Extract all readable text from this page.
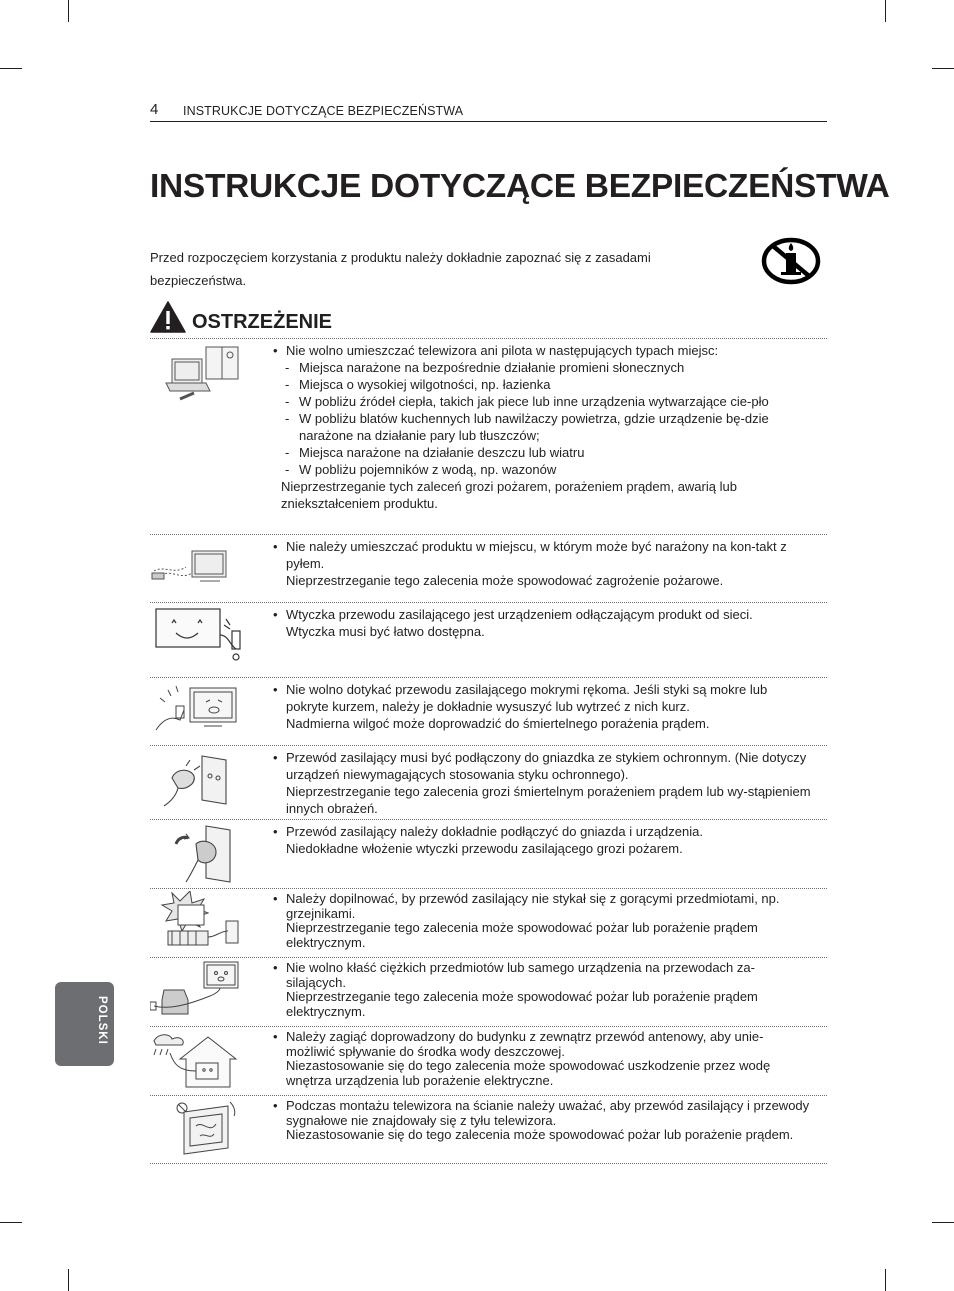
4 INSTRUKCJE DOTYCZĄCE BEZPIECZEŃSTWA
INSTRUKCJE DOTYCZĄCE BEZPIECZEŃSTWA
Przed rozpoczęciem korzystania z produktu należy dokładnie zapoznać się z zasadami bezpieczeństwa.
OSTRZEŻENIE
• Nie wolno umieszczać telewizora ani pilota w następujących typach miejsc:
- Miejsca narażone na bezpośrednie działanie promieni słonecznych
- Miejsca o wysokiej wilgotności, np. łazienka
- W pobliżu źródeł ciepła, takich jak piece lub inne urządzenia wytwarzające cie-pło
- W pobliżu blatów kuchennych lub nawilżaczy powietrza, gdzie urządzenie bę-dzie narażone na działanie pary lub tłuszczów;
- Miejsca narażone na działanie deszczu lub wiatru
- W pobliżu pojemników z wodą, np. wazonów
Nieprzestrzeganie tych zaleceń grozi pożarem, porażeniem prądem, awarią lub zniekształceniem produktu.
• Nie należy umieszczać produktu w miejscu, w którym może być narażony na kon-takt z pyłem.
Nieprzestrzeganie tego zalecenia może spowodować zagrożenie pożarowe.
• Wtyczka przewodu zasilającego jest urządzeniem odłączającym produkt od sieci.
Wtyczka musi być łatwo dostępna.
• Nie wolno dotykać przewodu zasilającego mokrymi rękoma. Jeśli styki są mokre lub pokryte kurzem, należy je dokładnie wysuszyć lub wytrzeć z nich kurz.
Nadmierna wilgoć może doprowadzić do śmiertelnego porażenia prądem.
• Przewód zasilający musi być podłączony do gniazdka ze stykiem ochronnym. (Nie dotyczy urządzeń niewymagających stosowania styku ochronnego).
Nieprzestrzeganie tego zalecenia grozi śmiertelnym porażeniem prądem lub wy-stąpieniem innych obrażeń.
• Przewód zasilający należy dokładnie podłączyć do gniazda i urządzenia.
Niedokładne włożenie wtyczki przewodu zasilającego grozi pożarem.
• Należy dopilnować, by przewód zasilający nie stykał się z gorącymi przedmiotami, np. grzejnikami.
Nieprzestrzeganie tego zalecenia może spowodować pożar lub porażenie prądem elektrycznym.
• Nie wolno kłaść ciężkich przedmiotów lub samego urządzenia na przewodach za-silających.
Nieprzestrzeganie tego zalecenia może spowodować pożar lub porażenie prądem elektrycznym.
• Należy zagiąć doprowadzony do budynku z zewnątrz przewód antenowy, aby unie-możliwić spływanie do środka wody deszczowej.
Niezastosowanie się do tego zalecenia może spowodować uszkodzenie przez wodę wnętrza urządzenia lub porażenie elektryczne.
• Podczas montażu telewizora na ścianie należy uważać, aby przewód zasilający i przewody sygnałowe nie znajdowały się z tyłu telewizora.
Niezastosowanie się do tego zalecenia może spowodować pożar lub porażenie prądem.
POLSKI
